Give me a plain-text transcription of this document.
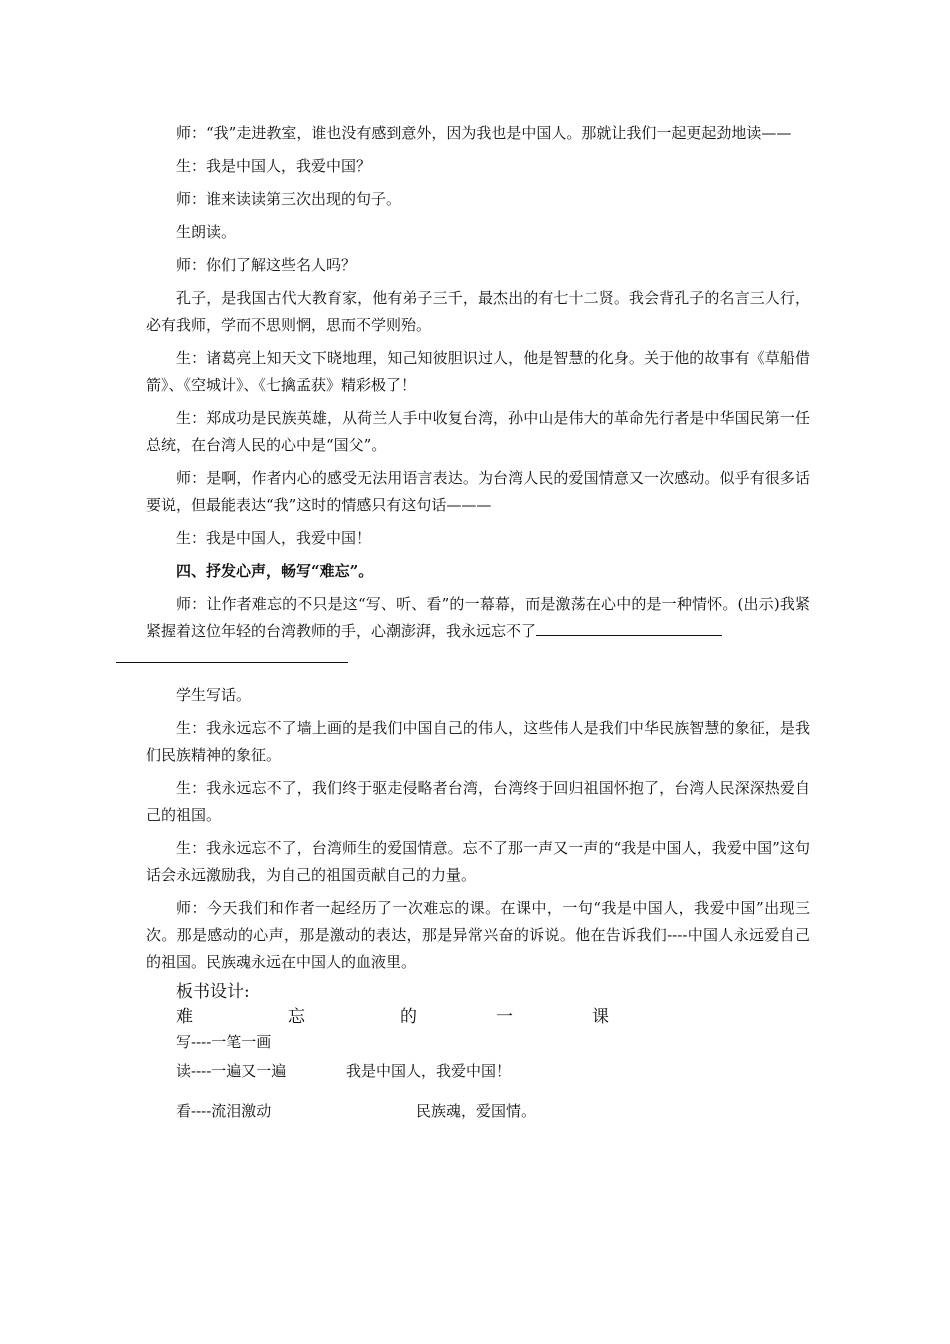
师：“我”走进教室，谁也没有感到意外，因为我也是中国人。那就让我们一起更起劲地读——

生：我是中国人，我爱中国？

师：谁来读读第三次出现的句子。

生朗读。

师：你们了解这些名人吗？

孔子，是我国古代大教育家，他有弟子三千，最杰出的有七十二贤。我会背孔子的名言三人行，必有我师，学而不思则惘，思而不学则殆。

生：诸葛亮上知天文下晓地理，知己知彼胆识过人，他是智慧的化身。关于他的故事有《草船借箭》、《空城计》、《七擒孟获》精彩极了！

生：郑成功是民族英雄，从荷兰人手中收复台湾，孙中山是伟大的革命先行者是中华国民第一任总统，在台湾人民的心中是“国父”。

师：是啊，作者内心的感受无法用语言表达。为台湾人民的爱国情意又一次感动。似乎有很多话要说，但最能表达“我”这时的情感只有这句话———

生：我是中国人，我爱中国！

四、抒发心声，畅写“难忘”。

师：让作者难忘的不只是这“写、听、看”的一幕幕，而是激荡在心中的是一种情怀。(出示)我紧紧握着这位年轻的台湾教师的手，心潮澎湃，我永远忘不了

学生写话。

生：我永远忘不了墙上画的是我们中国自己的伟人，这些伟人是我们中华民族智慧的象征，是我们民族精神的象征。

生：我永远忘不了，我们终于驱走侵略者台湾，台湾终于回归祖国怀抱了，台湾人民深深热爱自己的祖国。

生：我永远忘不了，台湾师生的爱国情意。忘不了那一声又一声的“我是中国人，我爱中国”这句话会永远激励我，为自己的祖国贡献自己的力量。

师：今天我们和作者一起经历了一次难忘的课。在课中，一句“我是中国人，我爱中国”出现三次。那是感动的心声，那是激动的表达，那是异常兴奋的诉说。他在告诉我们----中国人永远爱自己的祖国。民族魂永远在中国人的血液里。

板书设计:
难	忘	的	一	课
写----一笔一画
读----一遍又一遍	我是中国人，我爱中国！
看----流泪激动	民族魂，爱国情。
